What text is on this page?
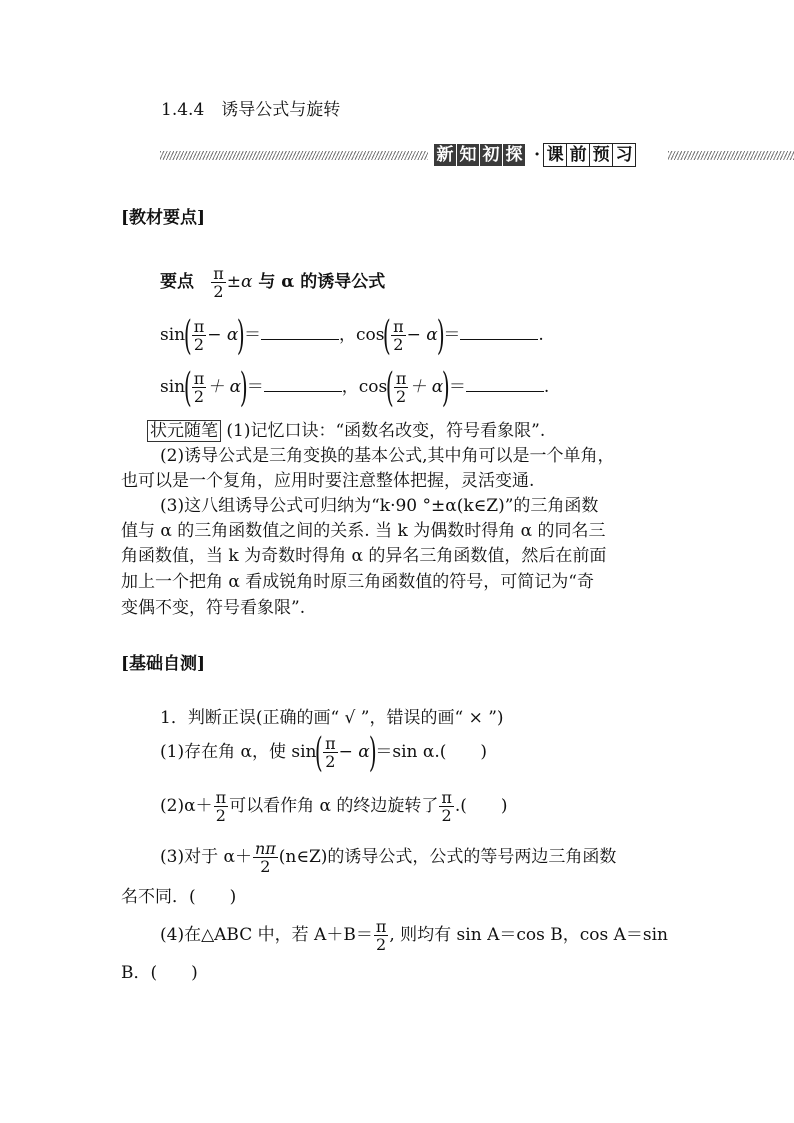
1.4.4　诱导公式与旋转
新 知 初 探 · 课 前 预 习
[教材要点]
要点 $\frac{\pi}{2} \pm\alpha$ 与 α 的诱导公式
$\sin( \frac{\pi}{2} - \alpha)=$	，$\cos( \frac{\pi}{2} - \alpha)=$	.
$\sin( \frac{\pi}{2} + \alpha)=$	，$\cos( \frac{\pi}{2} + \alpha)=$	.
状元随笔 (1)记忆口诀：“函数名改变，符号看象限”.
(2)诱导公式是三角变换的基本公式,其中角可以是一个单角，
也可以是一个复角，应用时要注意整体把握，灵活变通.
(3)这八组诱导公式可归纳为“k·90 °±α(k∈Z)”的三角函数
值与 α 的三角函数值之间的关系. 当 k 为偶数时得角 α 的同名三
角函数值，当 k 为奇数时得角 α 的异名三角函数值，然后在前面
加上一个把角 α 看成锐角时原三角函数值的符号，可简记为“奇
变偶不变，符号看象限”.
[基础自测]
1．判断正误(正确的画“ √ ”，错误的画“ × ”)
(1)存在角 α，使 $\sin( \frac{\pi}{2} - \alpha)=\sin$ α.(　　)
$(2)\alpha+ \frac{\pi}{2}$ 可以看作角 α 的终边旋转了 $\frac{\pi}{2}$ .(　　)
(3)对于 $\alpha+ \frac{n\pi}{2}$ (n∈Z)的诱导公式，公式的等号两边三角函数
名不同．(　　)
(4)在△ABC 中，若 $A+B= \frac{\pi}{2}$ , 则均有 sin A＝cos B，cos A＝sin
B．(　　)
